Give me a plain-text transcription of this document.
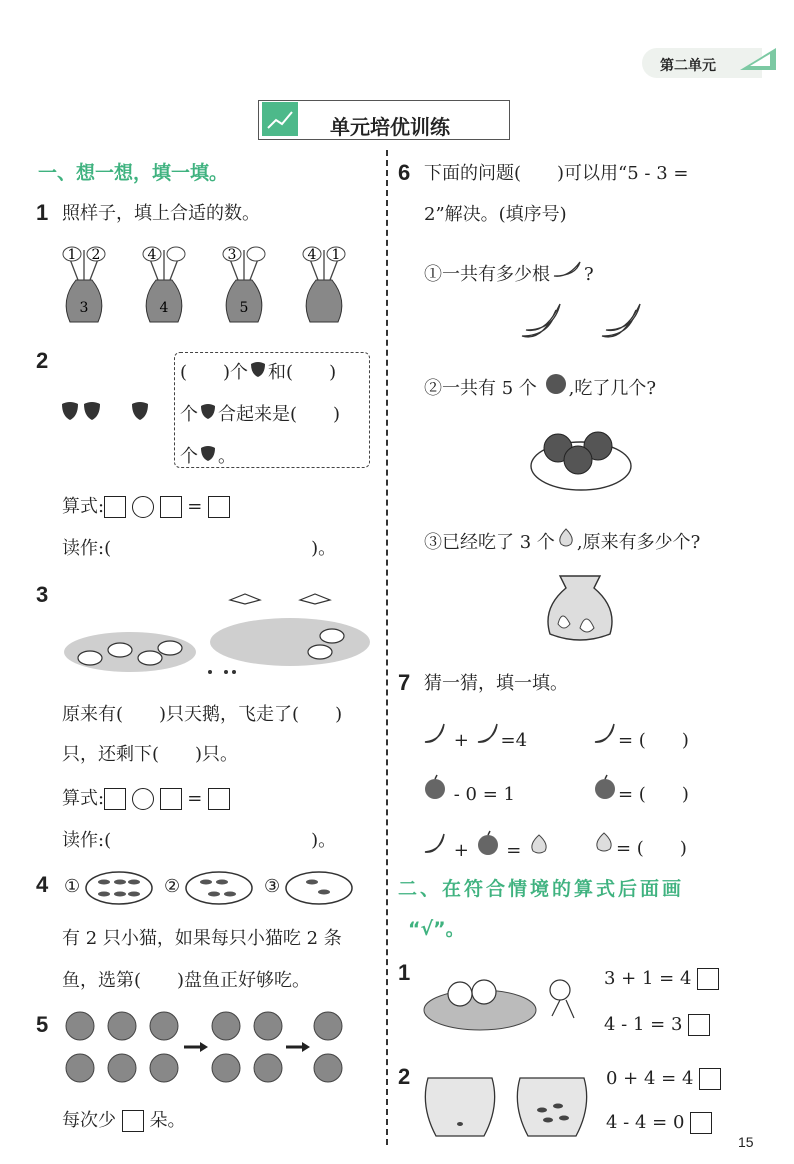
第二单元
单元培优训练
一、想一想，填一填。
1 照样子，填上合适的数。
1 2
3
4
4
3
5
4 1
2	(　　)个 和(　　)
个 合起来是(　　)
个 。
算式:	=
读作:(	)。
3
原来有(　　)只天鹅，飞走了(　　)
只，还剩下(　　)只。
算式:	=
读作:(	)。
4 ①	②	③
有 2 只小猫，如果每只小猫吃 2 条
鱼，选第(　　)盘鱼正好够吃。
5
每次少 朵。
6 下面的问题(　　)可以用“5 - 3 =
2”解决。(填序号)
①一共有多少根 ?
②一共有 5 个 ,吃了几个?
③已经吃了 3 个 ,原来有多少个?
7 猜一猜，填一填。
+ =4	= (　　)
- 0 = 1	= (　　)
+  =	= (　　)
二、在符合情境的算式后面画
“√”。
1	3 + 1 = 4
4 - 1 = 3
2	0 + 4 = 4
4 - 4 = 0
15
